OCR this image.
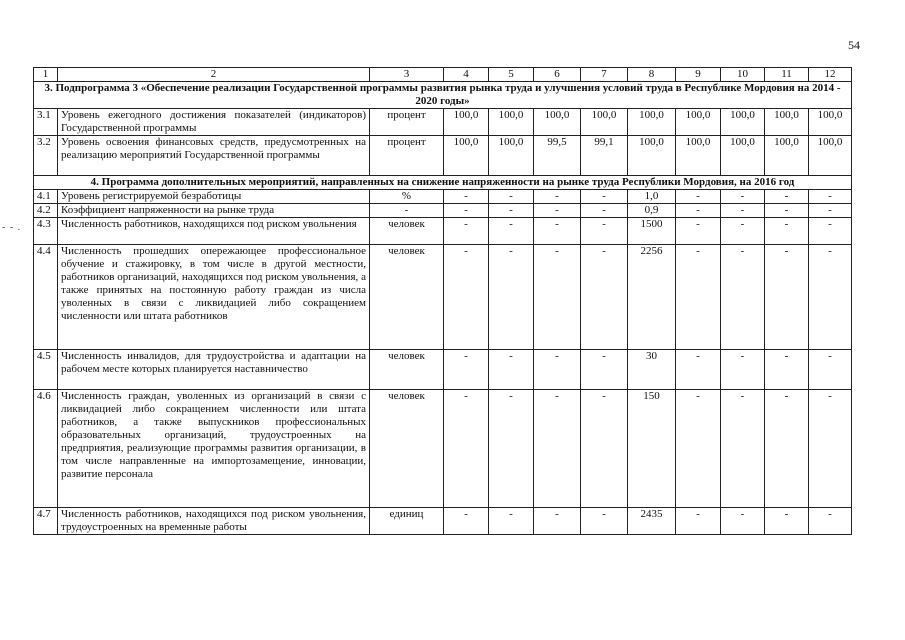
54
- - .
1	2	3	4	5	6	7	8	9	10	11	12
3. Подпрограмма 3 «Обеспечение реализации Государственной программы развития рынка труда и улучшения условий труда в Республике Мордовия на 2014 - 2020 годы»											
3.1	Уровень ежегодного достижения показателей (индикаторов) Государственной программы	процент	100,0	100,0	100,0	100,0	100,0	100,0	100,0	100,0	100,0
3.2	Уровень освоения финансовых средств, предусмотренных на реализацию мероприятий Государственной программы	процент	100,0	100,0	99,5	99,1	100,0	100,0	100,0	100,0	100,0
4. Программа дополнительных мероприятий, направленных на снижение напряженности на рынке труда Республики Мордовия, на 2016 год											
4.1	Уровень регистрируемой безработицы	%	-	-	-	-	1,0	-	-	-	-
4.2	Коэффициент напряженности на рынке труда	-	-	-	-	-	0,9	-	-	-	-
4.3	Численность работников, находящихся под риском увольнения	человек	-	-	-	-	1500	-	-	-	-
4.4	Численность прошедших опережающее профессиональное обучение и стажировку, в том числе в другой местности, работников организаций, находящихся под риском увольнения, а также принятых на постоянную работу граждан из числа уволенных в связи с ликвидацией либо сокращением численности или штата работников	человек	-	-	-	-	2256	-	-	-	-
4.5	Численность инвалидов, для трудоустройства и адаптации на рабочем месте которых планируется наставничество	человек	-	-	-	-	30	-	-	-	-
4.6	Численность граждан, уволенных из организаций в связи с ликвидацией либо сокращением численности или штата работников, а также выпускников профессиональных образовательных организаций, трудоустроенных на предприятия, реализующие программы развития организации, в том числе направленные на импортозамещение, инновации, развитие персонала	человек	-	-	-	-	150	-	-	-	-
4.7	Численность работников, находящихся под риском увольнения, трудоустроенных на временные работы	единиц	-	-	-	-	2435	-	-	-	-
